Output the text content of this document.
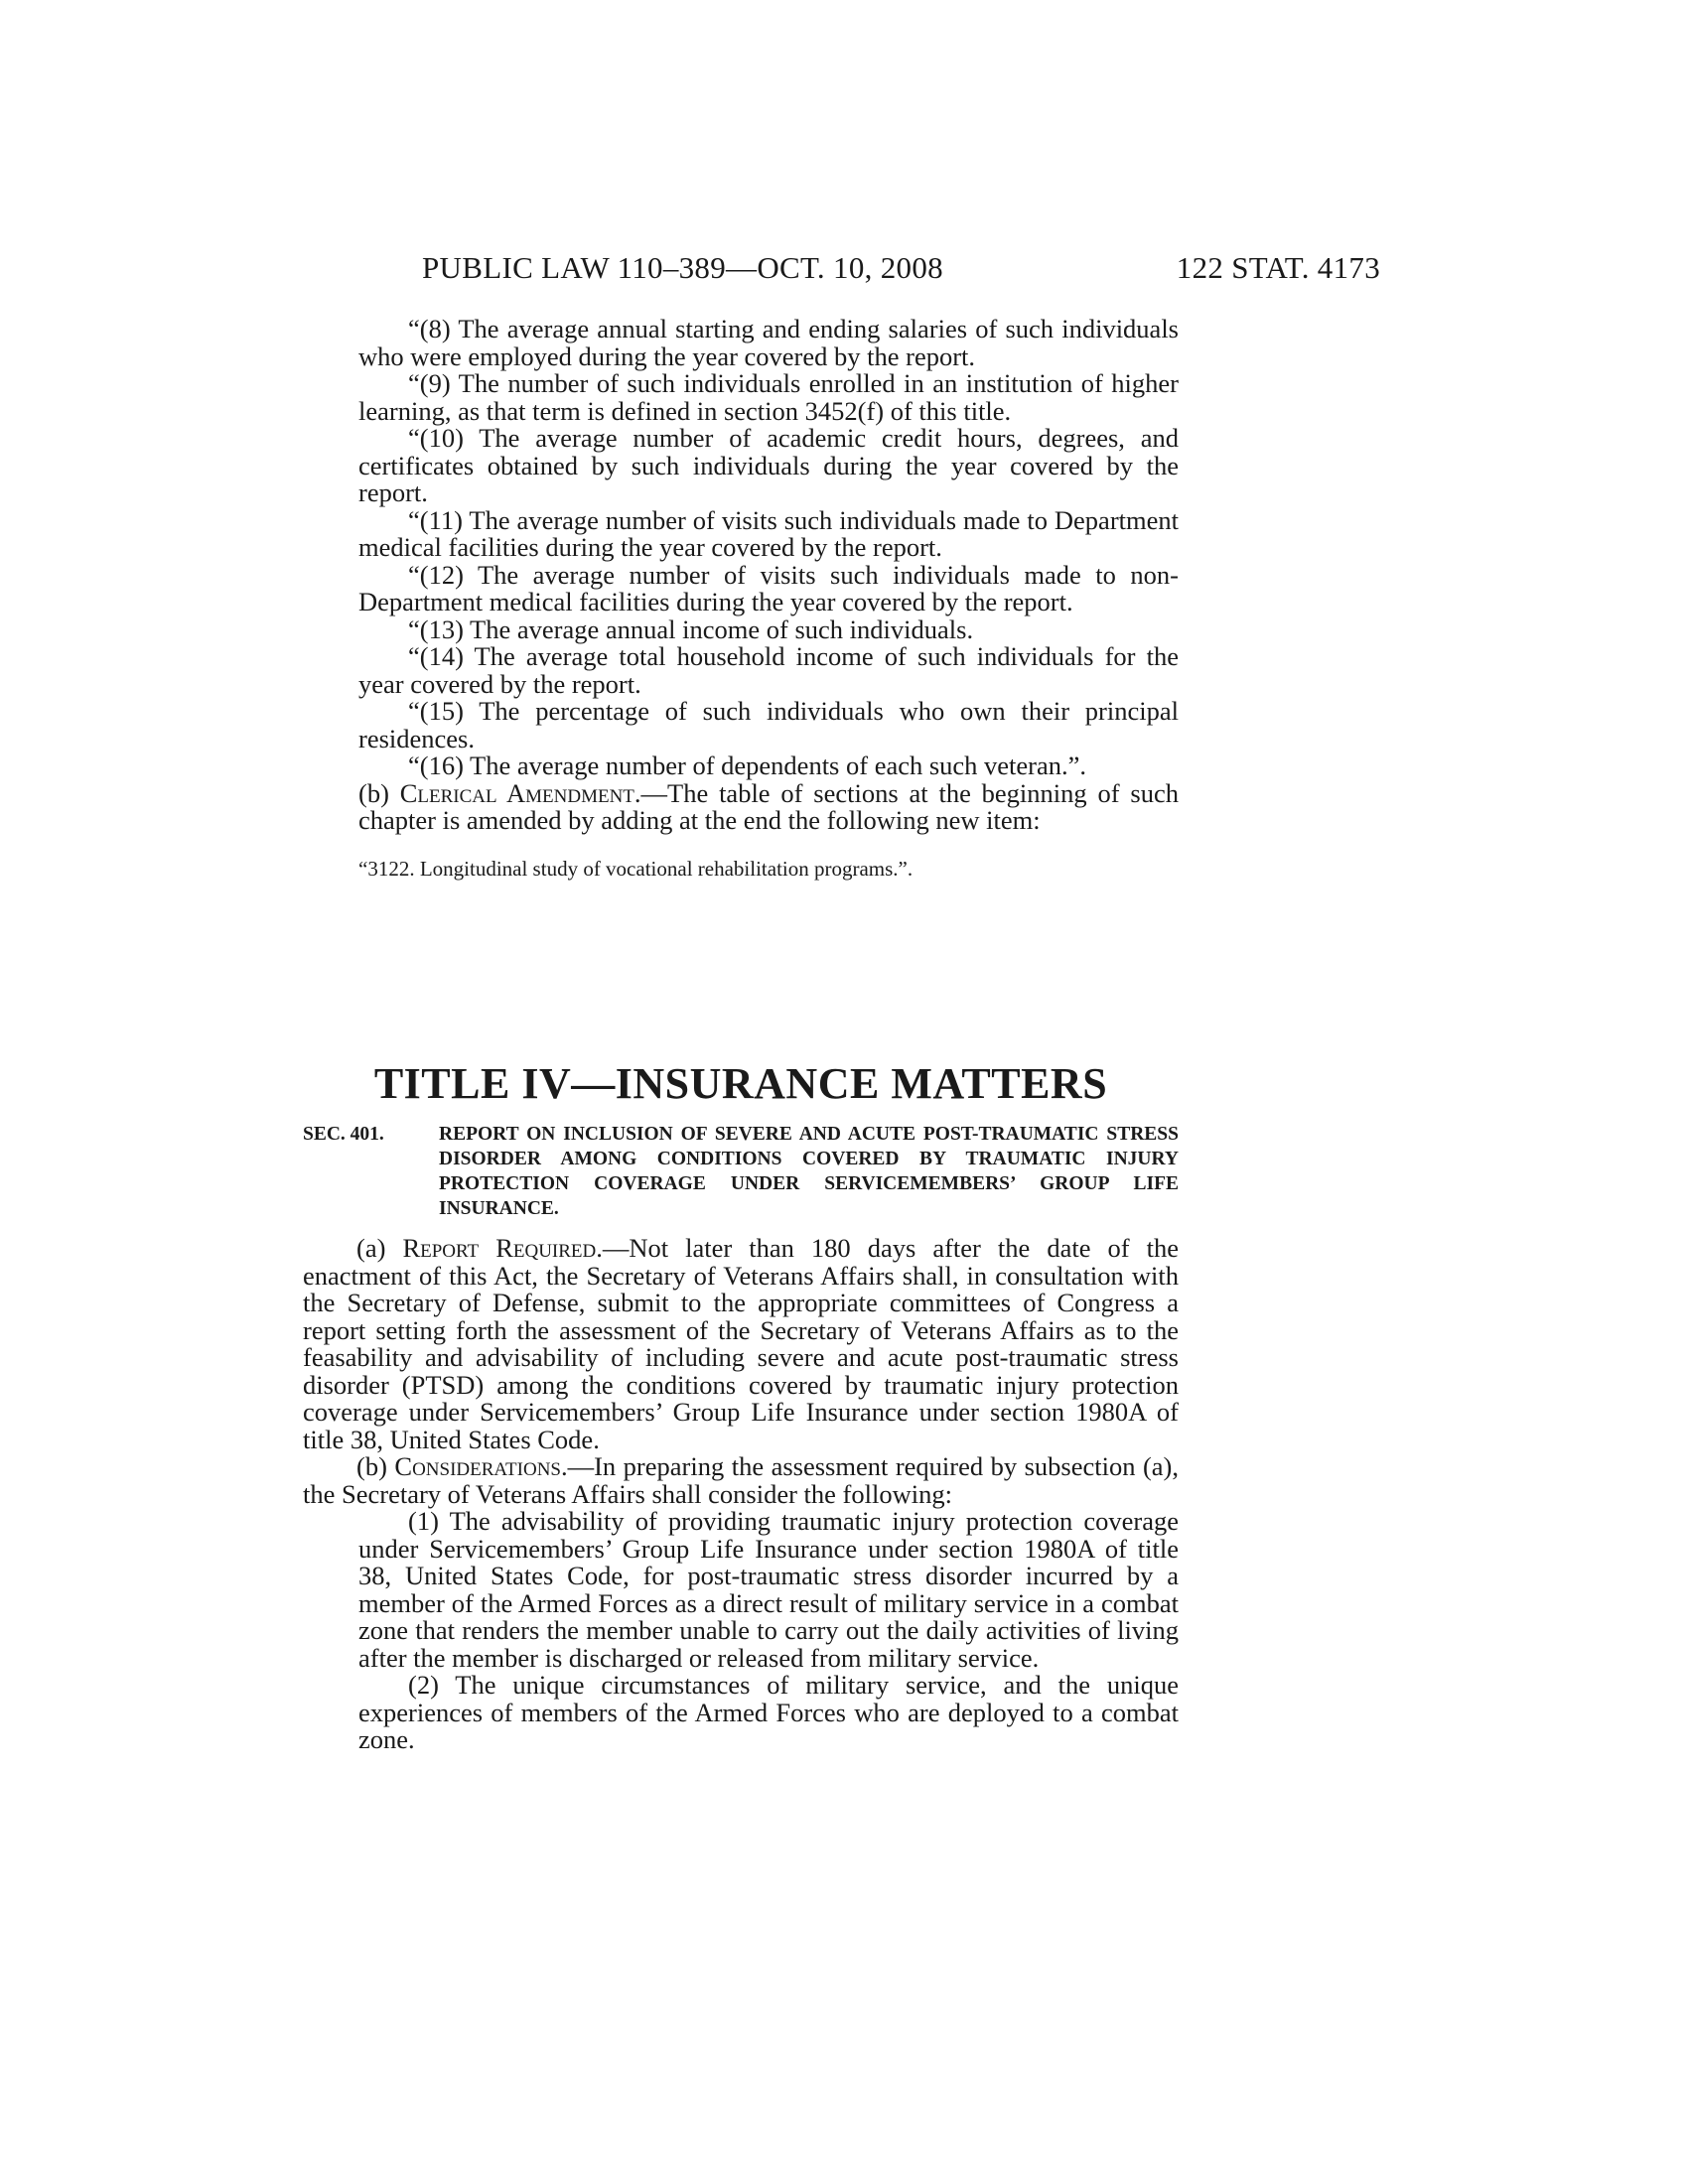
PUBLIC LAW 110–389—OCT. 10, 2008	122 STAT. 4173

“(8) The average annual starting and ending salaries of such individuals who were employed during the year covered by the report.

“(9) The number of such individuals enrolled in an institution of higher learning, as that term is defined in section 3452(f) of this title.

“(10) The average number of academic credit hours, degrees, and certificates obtained by such individuals during the year covered by the report.

“(11) The average number of visits such individuals made to Department medical facilities during the year covered by the report.

“(12) The average number of visits such individuals made to non-Department medical facilities during the year covered by the report.

“(13) The average annual income of such individuals.

“(14) The average total household income of such individuals for the year covered by the report.

“(15) The percentage of such individuals who own their principal residences.

“(16) The average number of dependents of each such veteran.”.

(b) Clerical Amendment.—The table of sections at the beginning of such chapter is amended by adding at the end the following new item:

“3122. Longitudinal study of vocational rehabilitation programs.”.

TITLE IV—INSURANCE MATTERS
SEC. 401.	REPORT ON INCLUSION OF SEVERE AND ACUTE POST-TRAUMATIC STRESS DISORDER AMONG CONDITIONS COVERED BY TRAUMATIC INJURY PROTECTION COVERAGE UNDER SERVICEMEMBERS’ GROUP LIFE INSURANCE.

(a) Report Required.—Not later than 180 days after the date of the enactment of this Act, the Secretary of Veterans Affairs shall, in consultation with the Secretary of Defense, submit to the appropriate committees of Congress a report setting forth the assessment of the Secretary of Veterans Affairs as to the feasability and advisability of including severe and acute post-traumatic stress disorder (PTSD) among the conditions covered by traumatic injury protection coverage under Servicemembers’ Group Life Insurance under section 1980A of title 38, United States Code.

(b) Considerations.—In preparing the assessment required by subsection (a), the Secretary of Veterans Affairs shall consider the following:

(1) The advisability of providing traumatic injury protection coverage under Servicemembers’ Group Life Insurance under section 1980A of title 38, United States Code, for post-traumatic stress disorder incurred by a member of the Armed Forces as a direct result of military service in a combat zone that renders the member unable to carry out the daily activities of living after the member is discharged or released from military service.

(2) The unique circumstances of military service, and the unique experiences of members of the Armed Forces who are deployed to a combat zone.
